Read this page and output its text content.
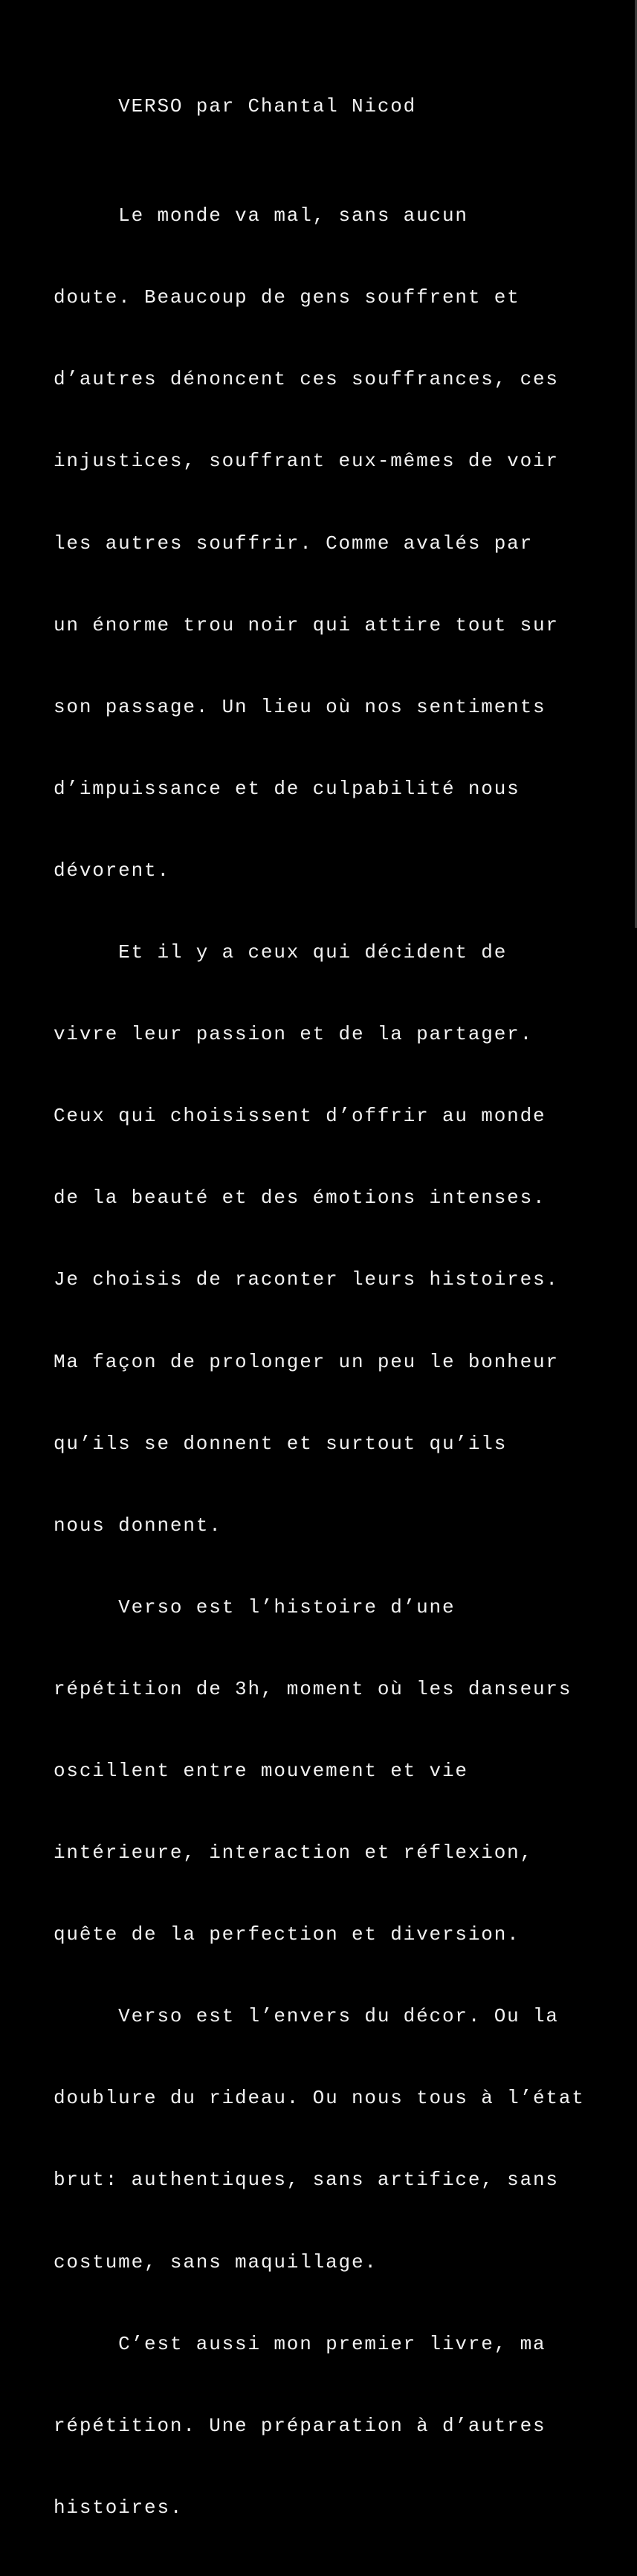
VERSO par Chantal Nicod

Le monde va mal, sans aucun

doute. Beaucoup de gens souffrent et

d’autres dénoncent ces souffrances, ces

injustices, souffrant eux-mêmes de voir

les autres souffrir. Comme avalés par

un énorme trou noir qui attire tout sur

son passage. Un lieu où nos sentiments

d’impuissance et de culpabilité nous

dévorent.

Et il y a ceux qui décident de

vivre leur passion et de la partager.

Ceux qui choisissent d’offrir au monde

de la beauté et des émotions intenses.

Je choisis de raconter leurs histoires.

Ma façon de prolonger un peu le bonheur

qu’ils se donnent et surtout qu’ils

nous donnent.

Verso est l’histoire d’une

répétition de 3h, moment où les danseurs

oscillent entre mouvement et vie

intérieure, interaction et réflexion,

quête de la perfection et diversion.

Verso est l’envers du décor. Ou la

doublure du rideau. Ou nous tous à l’état

brut: authentiques, sans artifice, sans

costume, sans maquillage.

C’est aussi mon premier livre, ma

répétition. Une préparation à d’autres

histoires.
